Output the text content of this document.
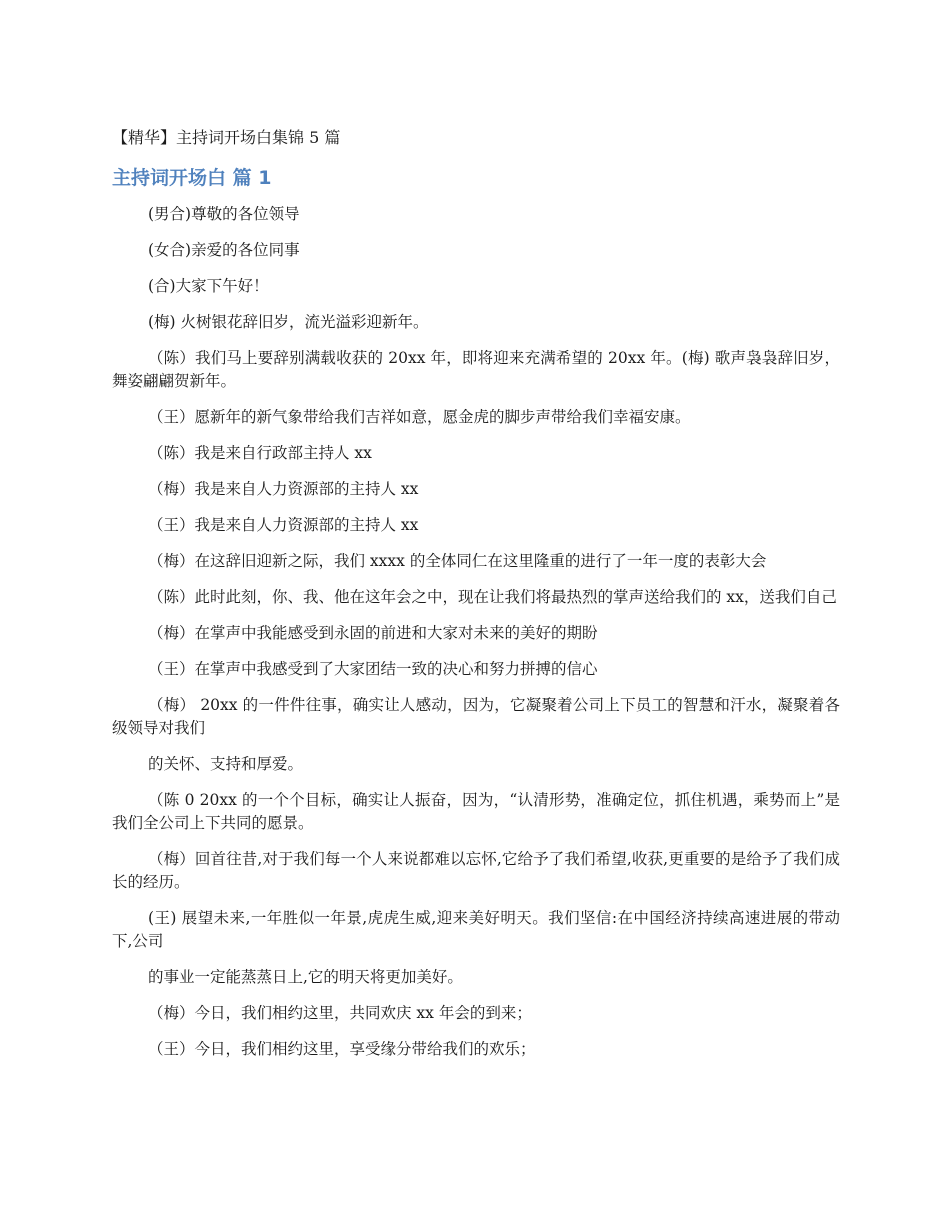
【精华】主持词开场白集锦 5 篇
主持词开场白 篇 1

(男合)尊敬的各位领导

(女合)亲爱的各位同事

(合)大家下午好！

(梅) 火树银花辞旧岁，流光溢彩迎新年。

（陈）我们马上要辞别满载收获的 20xx 年，即将迎来充满希望的 20xx 年。(梅) 歌声袅袅辞旧岁，舞姿翩翩贺新年。

（王）愿新年的新气象带给我们吉祥如意，愿金虎的脚步声带给我们幸福安康。

（陈）我是来自行政部主持人 xx

（梅）我是来自人力资源部的主持人 xx

（王）我是来自人力资源部的主持人 xx

（梅）在这辞旧迎新之际，我们 xxxx 的全体同仁在这里隆重的进行了一年一度的表彰大会

（陈）此时此刻，你、我、他在这年会之中，现在让我们将最热烈的掌声送给我们的 xx，送我们自己

（梅）在掌声中我能感受到永固的前进和大家对未来的美好的期盼

（王）在掌声中我感受到了大家团结一致的决心和努力拼搏的信心

（梅） 20xx 的一件件往事，确实让人感动，因为，它凝聚着公司上下员工的智慧和汗水，凝聚着各级领导对我们

的关怀、支持和厚爱。

（陈 0 20xx 的一个个目标，确实让人振奋，因为，“认清形势，准确定位，抓住机遇，乘势而上”是我们全公司上下共同的愿景。

（梅）回首往昔,对于我们每一个人来说都难以忘怀,它给予了我们希望,收获,更重要的是给予了我们成长的经历。

(王) 展望未来,一年胜似一年景,虎虎生威,迎来美好明天。我们坚信:在中国经济持续高速进展的带动下,公司

的事业一定能蒸蒸日上,它的明天将更加美好。

（梅）今日，我们相约这里，共同欢庆 xx 年会的到来；

（王）今日，我们相约这里，享受缘分带给我们的欢乐；
